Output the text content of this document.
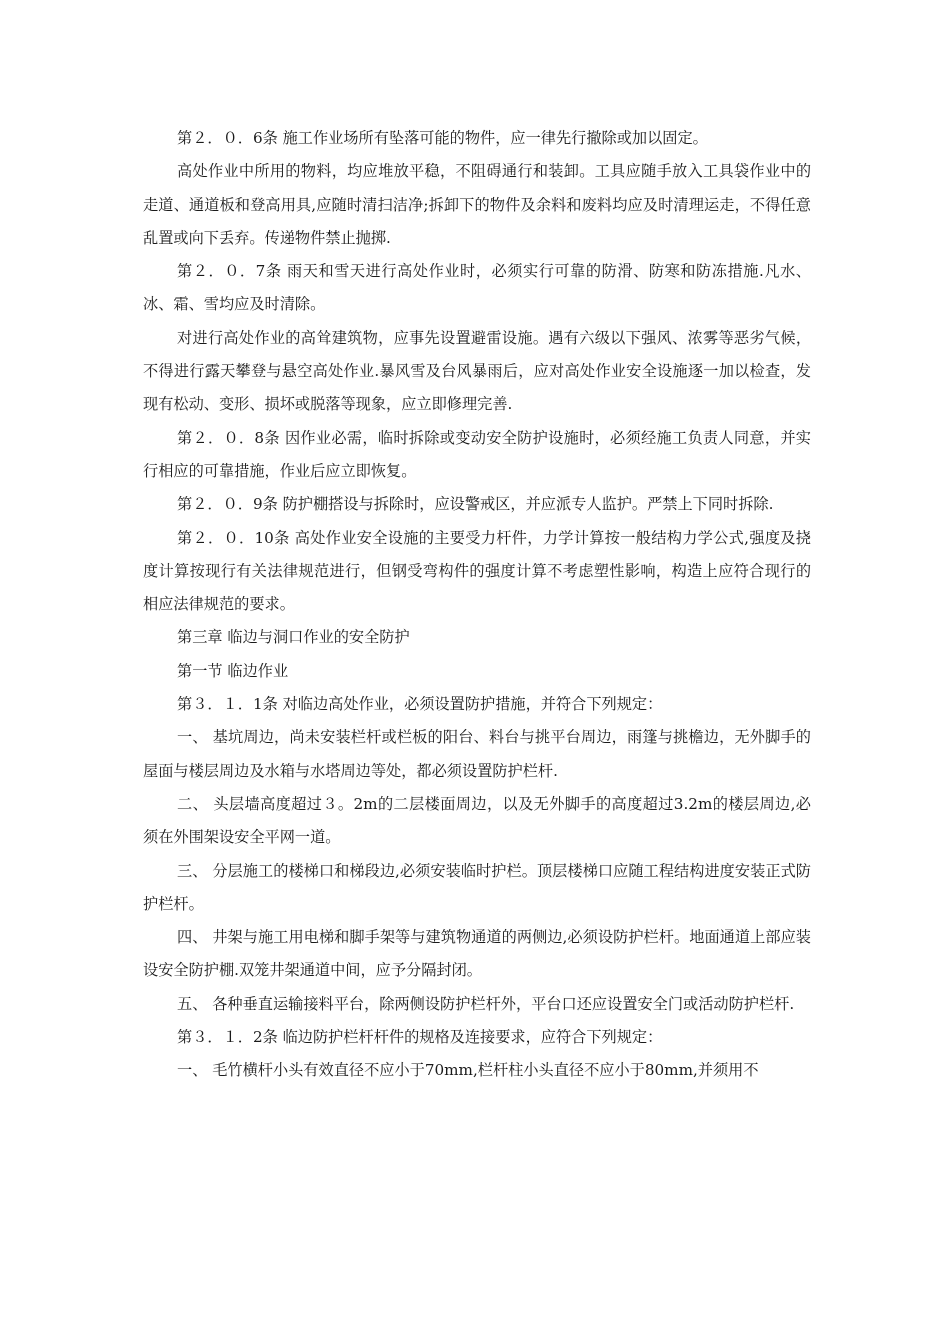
第２．０．6条 施工作业场所有坠落可能的物件，应一律先行撤除或加以固定。

高处作业中所用的物料，均应堆放平稳，不阻碍通行和装卸。工具应随手放入工具袋作业中的走道、通道板和登高用具,应随时清扫洁净;拆卸下的物件及余料和废料均应及时清理运走，不得任意乱置或向下丢弃。传递物件禁止抛掷.

第２．０．7条 雨天和雪天进行高处作业时，必须实行可靠的防滑、防寒和防冻措施.凡水、冰、霜、雪均应及时清除。

对进行高处作业的高耸建筑物，应事先设置避雷设施。遇有六级以下强风、浓雾等恶劣气候，不得进行露天攀登与悬空高处作业.暴风雪及台风暴雨后，应对高处作业安全设施逐一加以检查，发现有松动、变形、损坏或脱落等现象，应立即修理完善.

第２．０．8条 因作业必需，临时拆除或变动安全防护设施时，必须经施工负责人同意，并实行相应的可靠措施，作业后应立即恢复。

第２．０．9条 防护棚搭设与拆除时，应设警戒区，并应派专人监护。严禁上下同时拆除.

第２．０．10条 高处作业安全设施的主要受力杆件，力学计算按一般结构力学公式,强度及挠度计算按现行有关法律规范进行，但钢受弯构件的强度计算不考虑塑性影响，构造上应符合现行的相应法律规范的要求。

第三章 临边与洞口作业的安全防护

第一节 临边作业

第３．１．1条 对临边高处作业，必须设置防护措施，并符合下列规定：

一、 基坑周边，尚未安装栏杆或栏板的阳台、料台与挑平台周边，雨篷与挑檐边，无外脚手的屋面与楼层周边及水箱与水塔周边等处，都必须设置防护栏杆.

二、 头层墙高度超过３。2m的二层楼面周边，以及无外脚手的高度超过3.2m的楼层周边,必须在外围架设安全平网一道。

三、 分层施工的楼梯口和梯段边,必须安装临时护栏。顶层楼梯口应随工程结构进度安装正式防护栏杆。

四、 井架与施工用电梯和脚手架等与建筑物通道的两侧边,必须设防护栏杆。地面通道上部应装设安全防护棚.双笼井架通道中间，应予分隔封闭。

五、 各种垂直运输接料平台，除两侧设防护栏杆外，平台口还应设置安全门或活动防护栏杆.

第３．１．2条 临边防护栏杆杆件的规格及连接要求，应符合下列规定：

一、 毛竹横杆小头有效直径不应小于70mm,栏杆柱小头直径不应小于80mm,并须用不
